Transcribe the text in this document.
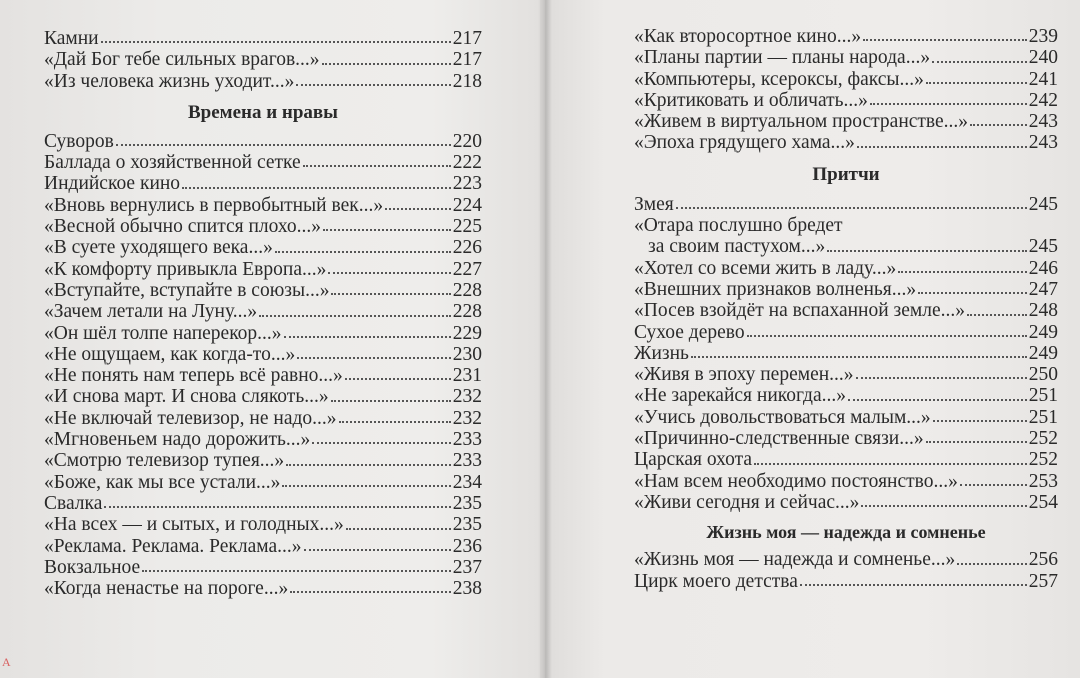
Камни	217
«Дай Бог тебе сильных врагов...»	217
«Из человека жизнь уходит...»	218
Времена и нравы
Суворов	220
Баллада о хозяйственной сетке	222
Индийское кино	223
«Вновь вернулись в первобытный век...»	224
«Весной обычно спится плохо...»	225
«В суете уходящего века...»	226
«К комфорту привыкла Европа...»	227
«Вступайте, вступайте в союзы...»	228
«Зачем летали на Луну...»	228
«Он шёл толпе наперекор...»	229
«Не ощущаем, как когда-то...»	230
«Не понять нам теперь всё равно...»	231
«И снова март. И снова слякоть...»	232
«Не включай телевизор, не надо...»	232
«Мгновеньем надо дорожить...»	233
«Смотрю телевизор тупея...»	233
«Боже, как мы все устали...»	234
Свалка	235
«На всех — и сытых, и голодных...»	235
«Реклама. Реклама. Реклама...»	236
Вокзальное	237
«Когда ненастье на пороге...»	238
A
«Как второсортное кино...»	239
«Планы партии — планы народа...»	240
«Компьютеры, ксероксы, факсы...»	241
«Критиковать и обличать...»	242
«Живем в виртуальном пространстве...»	243
«Эпоха грядущего хама...»	243
Притчи
Змея	245
«Отара послушно бредет
за своим пастухом...»	245
«Хотел со всеми жить в ладу...»	246
«Внешних признаков волненья...»	247
«Посев взойдёт на вспаханной земле...»	248
Сухое дерево	249
Жизнь	249
«Живя в эпоху перемен...»	250
«Не зарекайся никогда...»	251
«Учись довольствоваться малым...»	251
«Причинно-следственные связи...»	252
Царская охота	252
«Нам всем необходимо постоянство...»	253
«Живи сегодня и сейчас...»	254
Жизнь моя — надежда и сомненье
«Жизнь моя — надежда и сомненье...»	256
Цирк моего детства	257
